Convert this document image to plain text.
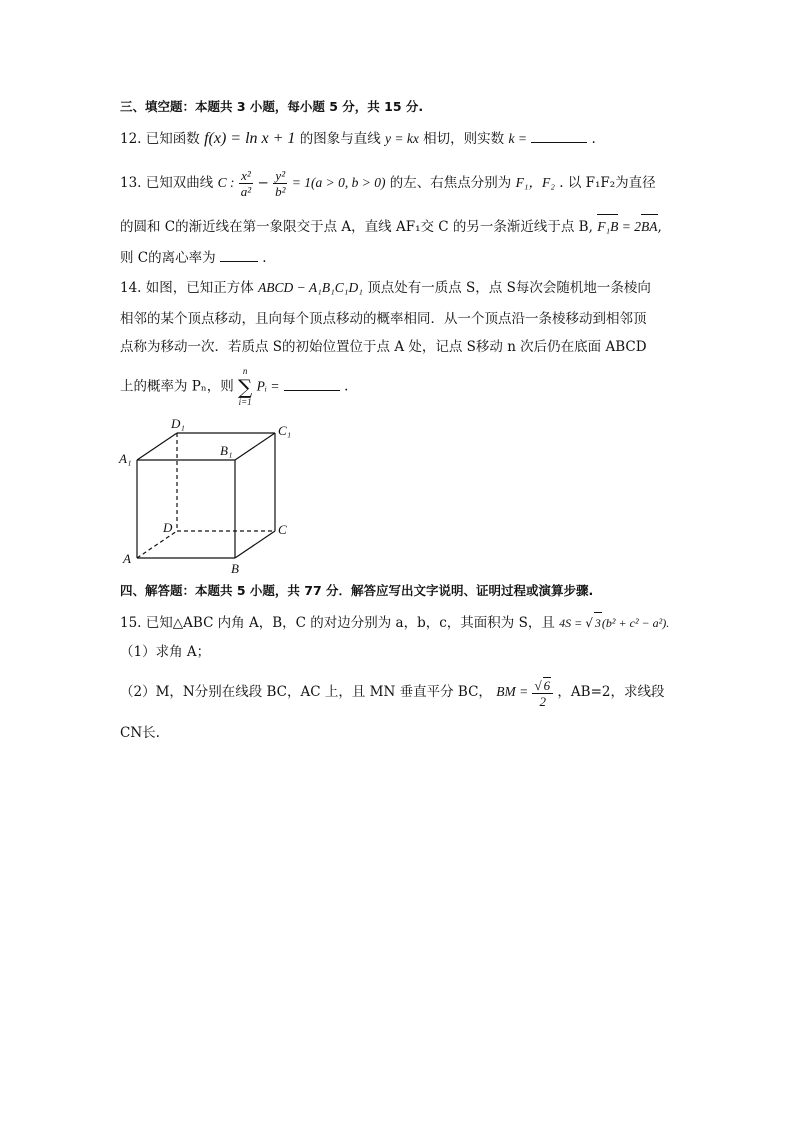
三、填空题：本题共 3 小题，每小题 5 分，共 15 分.
12. 已知函数 f(x) = ln x + 1 的图象与直线 y = kx 相切，则实数 k =	.
13. 已知双曲线 C : $\frac{\text{x²}}{\text{a²}} - \frac{\text{y²}}{\text{b²}} = 1(a > 0$, b > 0) 的左、右焦点分别为 F₁，F₂ . 以 F₁F₂为直径
的圆和 C的渐近线在第一象限交于点 A，直线 AF₁交 C 的另一条渐近线于点 B, F₁B = 2BA,
则 C的离心率为	.
14. 如图，已知正方体 ABCD − A₁B₁C₁D₁ 顶点处有一质点 S，点 S每次会随机地一条棱向
相邻的某个顶点移动，且向每个顶点移动的概率相同．从一个顶点沿一条棱移动到相邻顶
点称为移动一次．若质点 S的初始位置位于点 A 处，记点 S移动 n 次后仍在底面 ABCD
上的概率为 Pₙ，则 n
∑
i=1 Pᵢ =	.
D₁	C₁
A₁
B₁
D	C
A
B
四、解答题：本题共 5 小题，共 77 分．解答应写出文字说明、证明过程或演算步骤.
15. 已知△ABC 内角 A，B，C 的对边分别为 a，b，c，其面积为 S，且 4S = √ 3(b² + c² − a²).
（1）求角 A；
（2）M，N分别在线段 BC，AC 上，且 MN 垂直平分 BC， BM = $\frac{√ 6}{2}$ ，AB=2，求线段
CN长.
